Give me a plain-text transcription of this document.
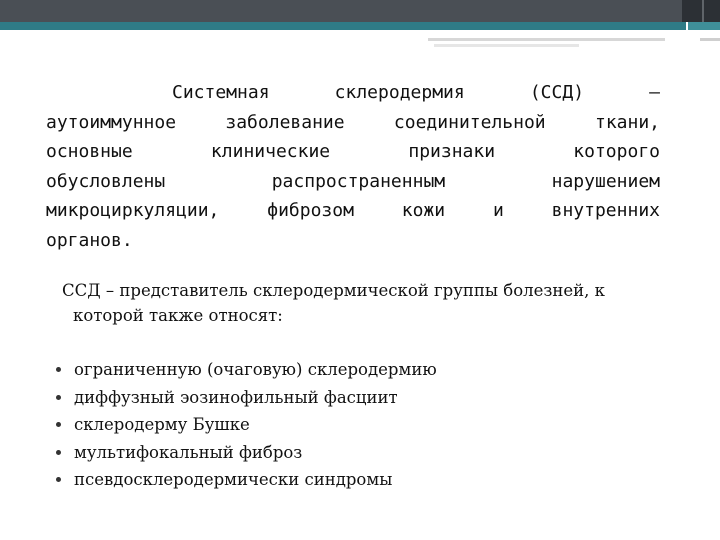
Системная склеродермия (ССД) –
аутоиммунное заболевание соединительной ткани,
основные клинические признаки которого
обусловлены распространенным нарушением
микроциркуляции, фиброзом кожи и внутренних
органов.
ССД – представитель склеродермической группы болезней, к
которой также относят:
ограниченную (очаговую) склеродермию
диффузный эозинофильный фасциит
склеродерму Бушке
мультифокальный фиброз
псевдосклеродермически синдромы
